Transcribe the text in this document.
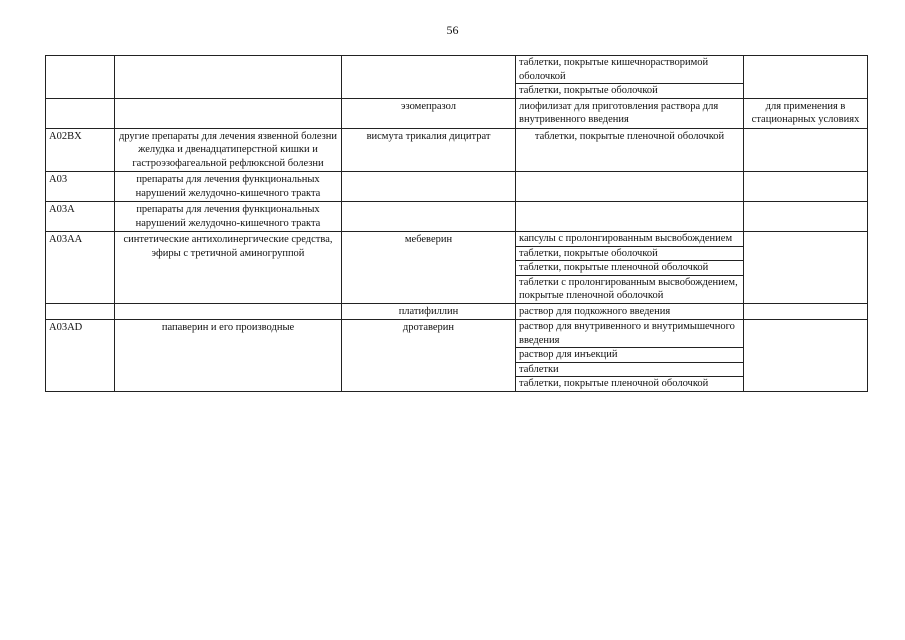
56

			таблетки, покрытые кишечнорастворимой оболочкой
таблетки, покрытые оболочкой	

		эзомепразол	лиофилизат для приготовления раствора для внутривенного введения	для применения в стационарных условиях
A02BX	другие препараты для лечения язвенной болезни желудка и двенадцатиперстной кишки и гастроэзофагеальной рефлюксной болезни	висмута трикалия дицитрат	таблетки, покрытые пленочной оболочкой	
A03	препараты для лечения функциональных нарушений желудочно-кишечного тракта			
A03A	препараты для лечения функциональных нарушений желудочно-кишечного тракта			
A03AA	синтетические антихолинергические средства, эфиры с третичной аминогруппой	мебеверин	капсулы с пролонгированным высвобождением
таблетки, покрытые оболочкой
таблетки, покрытые пленочной оболочкой
таблетки с пролонгированным высвобождением, покрытые пленочной оболочкой	

		платифиллин	раствор для подкожного введения	
A03AD	папаверин и его производные	дротаверин	раствор для внутривенного и внутримышечного введения
раствор для инъекций
таблетки
таблетки, покрытые пленочной оболочкой	
